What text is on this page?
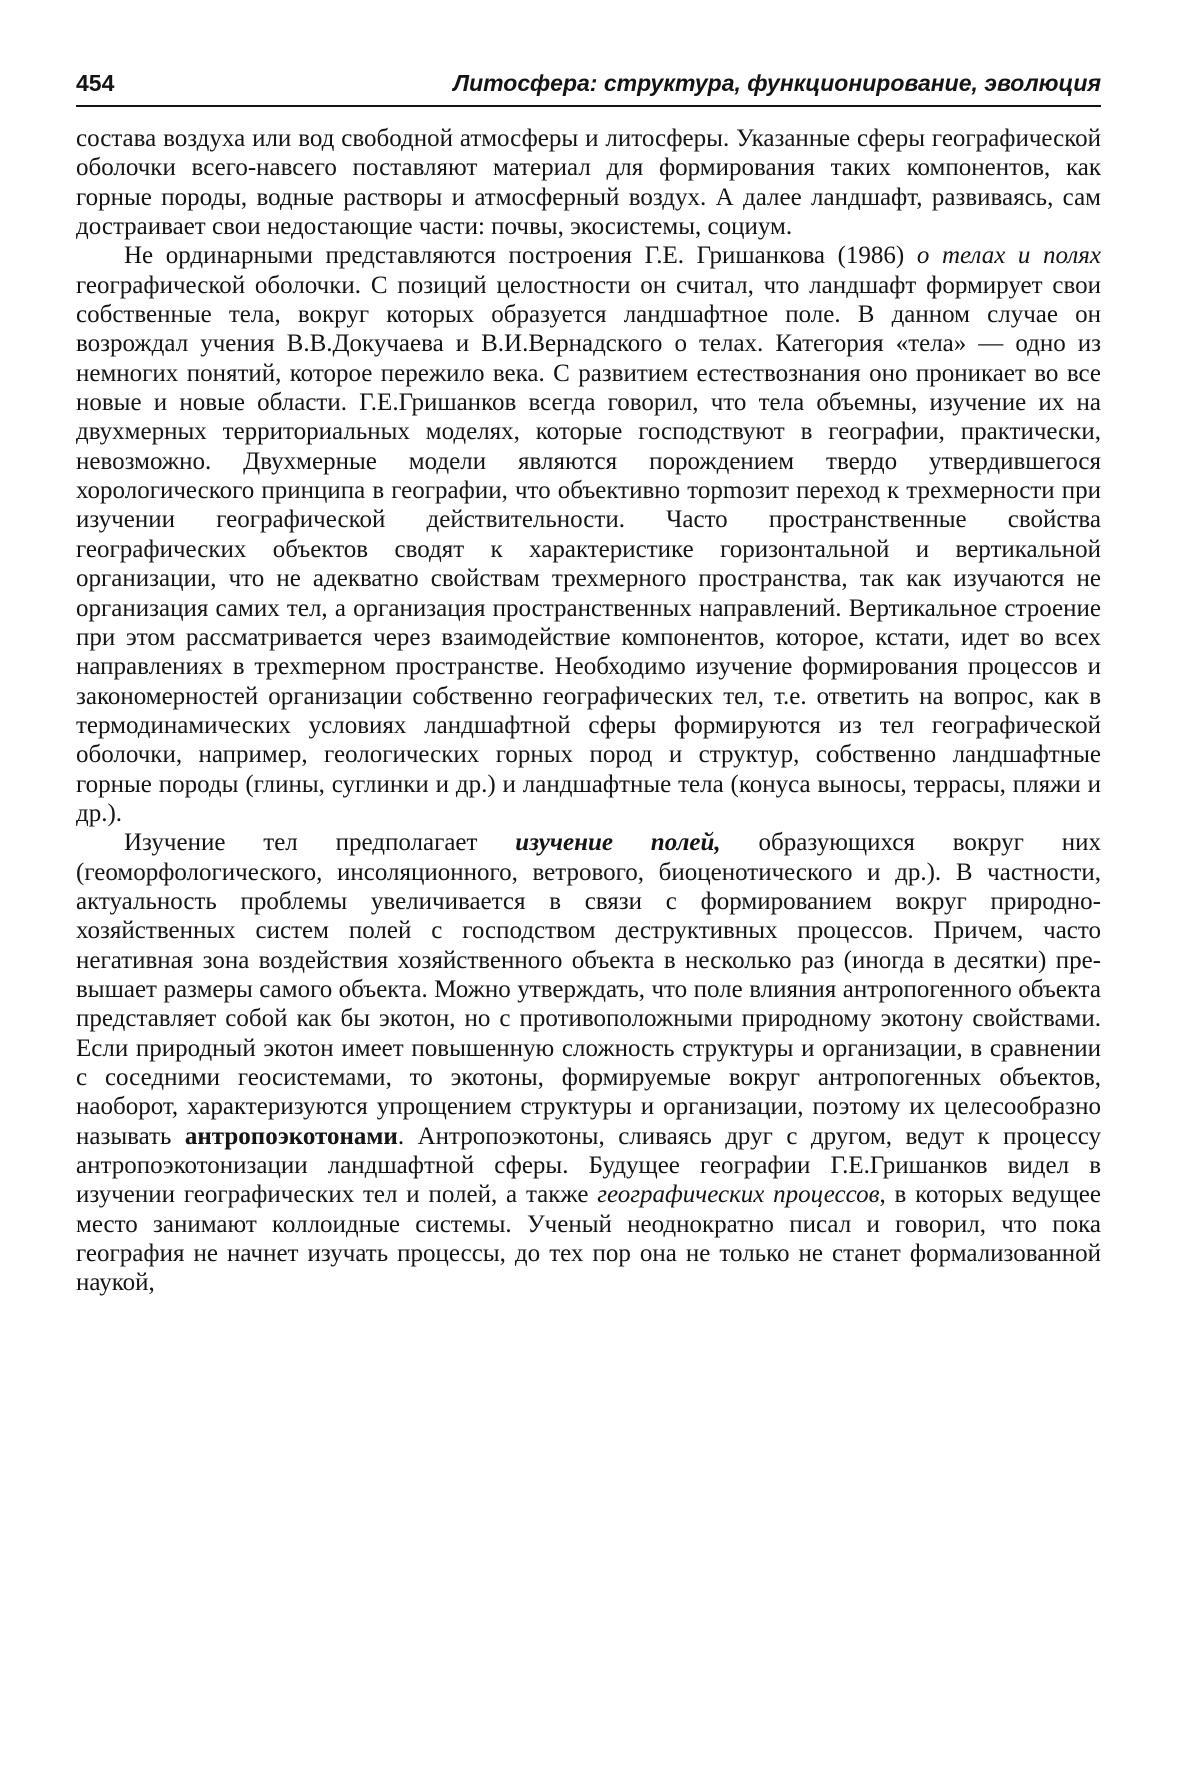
454	Литосфера: структура, функционирование, эволюция

состава воздуха или вод свободной атмосферы и литосферы. Указанные сферы географической оболочки всего-навсего поставляют материал для формирования таких компонентов, как горные породы, водные растворы и атмосферный воздух. А далее ландшафт, развиваясь, сам достраивает свои недостающие части: почвы, экосистемы, социум.

Не ординарными представляются построения Г.Е. Гришанкова (1986) о телах и полях географической оболочки. С позиций целостности он считал, что ландшафт формирует свои собственные тела, вокруг которых образуется ландшафтное поле. В данном случае он возрождал учения В.В.Докучаева и В.И.Вернадского о телах. Категория «тела» — одно из немногих понятий, которое пережило века. С развитием естествознания оно проникает во все новые и новые области. Г.Е.Гришанков всегда говорил, что тела объемны, изучение их на двухмерных территориальных моделях, которые господствуют в географии, практически, невозможно. Двухмерные модели являются порождением твердо утвердившегося хорологического принципа в географии, что объективно торmозит переход к трехмерности при изучении географической действительности. Часто пространственные свойства географических объектов сводят к характеристике горизонтальной и вертикальной организации, что не адекватно свойствам трехмерного пространства, так как изучаются не организация самих тел, а организация пространственных направлений. Вертикальное строение при этом рассматривается через взаимодействие компонентов, которое, кстати, идет во всех направлениях в трехmерном пространстве. Необходимо изучение формирования процессов и закономерностей организации собственно географических тел, т.е. ответить на вопрос, как в термодинамических условиях ландшафтной сферы формируются из тел географической оболочки, например, геологических горных пород и структур, собственно ландшафтные горные породы (глины, суглинки и др.) и ландшафтные тела (конуса выносы, террасы, пляжи и др.).

Изучение тел предполагает изучение полей, образующихся вокруг них (геоморфологического, инсоляционного, ветрового, биоценотического и др.). В частности, актуальность проблемы увеличивается в связи с формированием вокруг природно-хозяйственных систем полей с господством деструктивных процессов. Причем, часто негативная зона воздействия хозяйственного объекта в несколько раз (иногда в десятки) превышает размеры самого объекта. Можно утверждать, что поле влияния антропогенного объекта представляет собой как бы экотон, но с противоположными природному экотону свойствами. Если природный экотон имеет повышенную сложность структуры и организации, в сравнении с соседними геосистемами, то экотоны, формируемые вокруг антропогенных объектов, наоборот, характеризуются упрощением структуры и организации, поэтому их целесообразно называть антропоэкотонами. Антропоэкотоны, сливаясь друг с другом, ведут к процессу антропоэкотонизации ландшафтной сферы. Будущее географии Г.Е.Гришанков видел в изучении географических тел и полей, а также географических процессов, в которых ведущее место занимают коллоидные системы. Ученый неоднократно писал и говорил, что пока география не начнет изучать процессы, до тех пор она не только не станет формализованной наукой,
